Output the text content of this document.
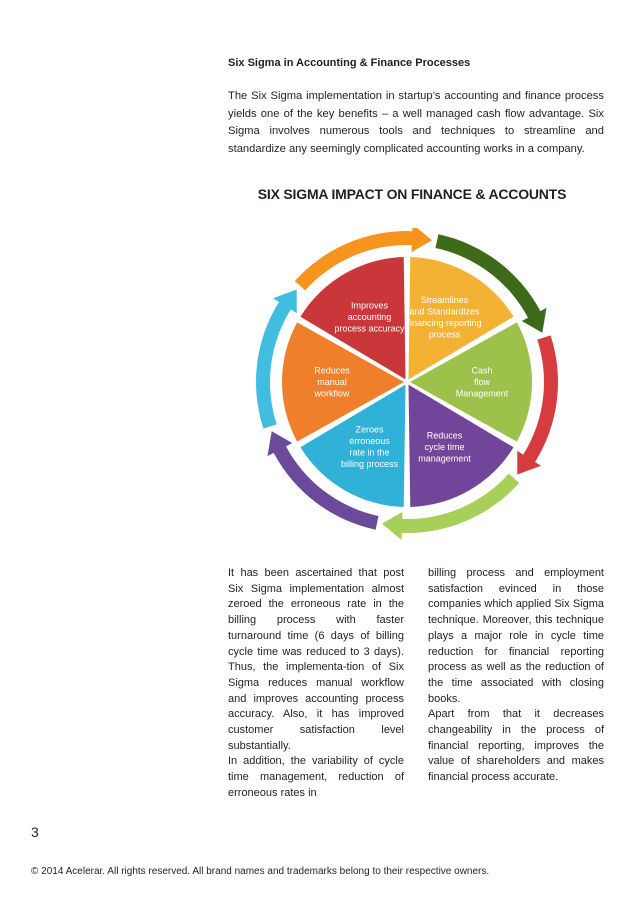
Six Sigma in Accounting & Finance Processes

The Six Sigma implementation in startup’s accounting and finance process yields one of the key benefits – a well managed cash flow advantage. Six Sigma involves numerous tools and techniques to streamline and standardize any seemingly complicated accounting works in a company.

SIX SIGMA IMPACT ON FINANCE & ACCOUNTS

Improves accounting process accuracy
Streamlines and Standardizes financing reporting process
Cash flow Management
Reduces cycle time management
Zeroes erroneous rate in the billing process
Reduces manual workflow

It has been ascertained that post Six Sigma implementation almost zeroed the erroneous rate in the billing process with faster turnaround time (6 days of billing cycle time was reduced to 3 days). Thus, the implementa-tion of Six Sigma reduces manual workflow and improves accounting process accuracy. Also, it has improved customer satisfaction level substantially.

In addition, the variability of cycle time management, reduction of erroneous rates in

billing process and employment satisfaction evinced in those companies which applied Six Sigma technique. Moreover, this technique plays a major role in cycle time reduction for financial reporting process as well as the reduction of the time associated with closing books.

Apart from that it decreases changeability in the process of financial reporting, improves the value of shareholders and makes financial process accurate.

3

© 2014 Acelerar. All rights reserved. All brand names and trademarks belong to their respective owners.
